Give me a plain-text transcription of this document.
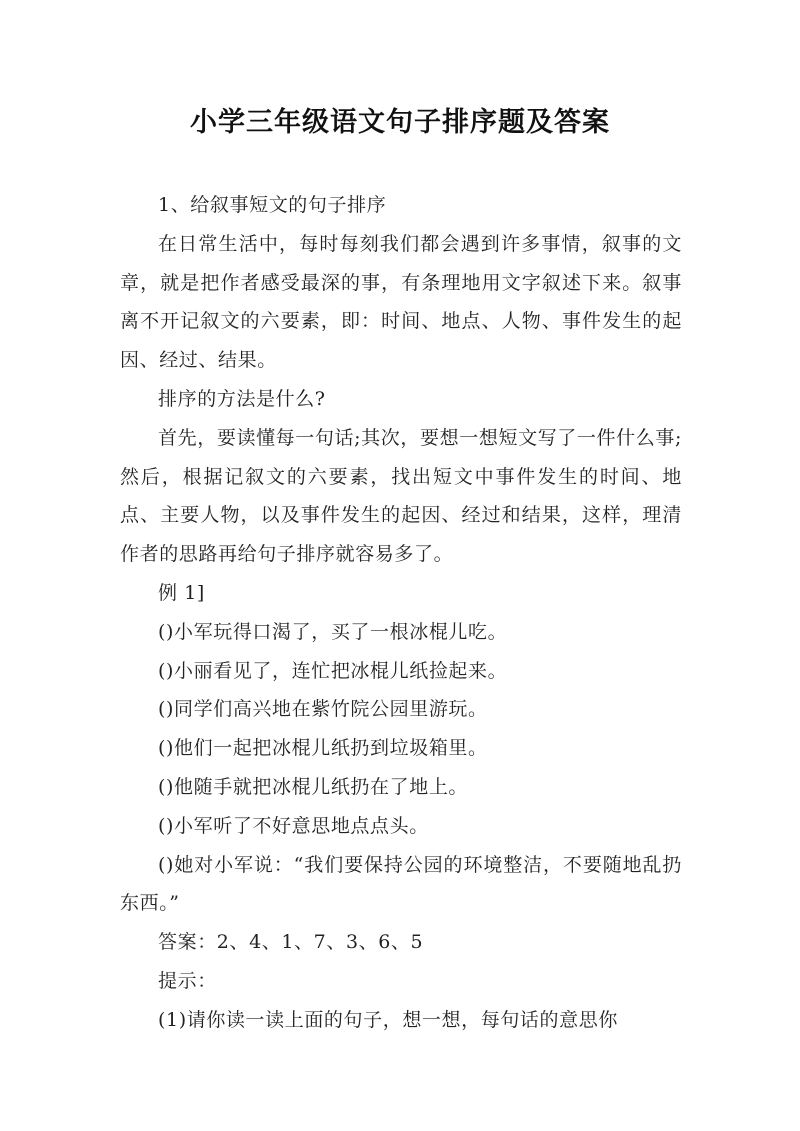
小学三年级语文句子排序题及答案

1、给叙事短文的句子排序

在日常生活中，每时每刻我们都会遇到许多事情，叙事的文章，就是把作者感受最深的事，有条理地用文字叙述下来。叙事离不开记叙文的六要素，即：时间、地点、人物、事件发生的起因、经过、结果。

排序的方法是什么?

首先，要读懂每一句话;其次，要想一想短文写了一件什么事;然后，根据记叙文的六要素，找出短文中事件发生的时间、地点、主要人物，以及事件发生的起因、经过和结果，这样，理清作者的思路再给句子排序就容易多了。

例 1]

()小军玩得口渴了，买了一根冰棍儿吃。

()小丽看见了，连忙把冰棍儿纸捡起来。

()同学们高兴地在紫竹院公园里游玩。

()他们一起把冰棍儿纸扔到垃圾箱里。

()他随手就把冰棍儿纸扔在了地上。

()小军听了不好意思地点点头。

()她对小军说：“我们要保持公园的环境整洁，不要随地乱扔东西。”

答案：2、4、1、7、3、6、5

提示：

(1)请你读一读上面的句子，想一想，每句话的意思你
